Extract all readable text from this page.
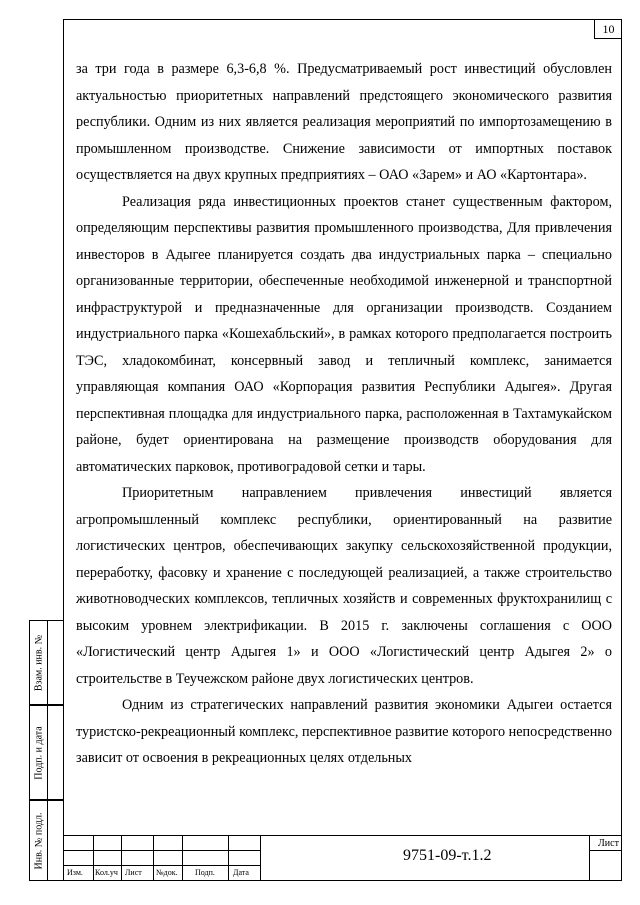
10

за три года в размере 6,3-6,8 %. Предусматриваемый рост инвестиций обусловлен актуальностью приоритетных направлений предстоящего экономического развития республики. Одним из них является реализация мероприятий по импортозамещению в промышленном производстве. Снижение зависимости от импортных поставок осуществляется на двух крупных предприятиях – ОАО «Зарем» и АО «Картонтара».

Реализация ряда инвестиционных проектов станет существенным фактором, определяющим перспективы развития промышленного производства, Для привлечения инвесторов в Адыгее планируется создать два индустриальных парка – специально организованные территории, обеспеченные необходимой инженерной и транспортной инфраструктурой и предназначенные для организации производств. Созданием индустриального парка «Кошехабльский», в рамках которого предполагается построить ТЭС, хладокомбинат, консервный завод и тепличный комплекс, занимается управляющая компания ОАО «Корпорация развития Республики Адыгея». Другая перспективная площадка для индустриального парка, расположенная в Тахтамукайском районе, будет ориентирована на размещение производств оборудования для автоматических парковок, противоградовой сетки и тары.

Приоритетным направлением привлечения инвестиций является агропромышленный комплекс республики, ориентированный на развитие логистических центров, обеспечивающих закупку сельскохозяйственной продукции, переработку, фасовку и хранение с последующей реализацией, а также строительство животноводческих комплексов, тепличных хозяйств и современных фруктохранилищ с высоким уровнем электрификации. В 2015 г. заключены соглашения с ООО «Логистический центр Адыгея 1» и ООО «Логистический центр Адыгея 2» о строительстве в Теучежском районе двух логистических центров.

Одним из стратегических направлений развития экономики Адыгеи остается туристско-рекреационный комплекс, перспективное развитие которого непосредственно зависит от освоения в рекреационных целях отдельных

Взам. инв. №
Подп. и дата
Инв. № подл.	9751-09-т.1.2
Лист
Изм. Кол.уч Лист №док. Подп. Дата
